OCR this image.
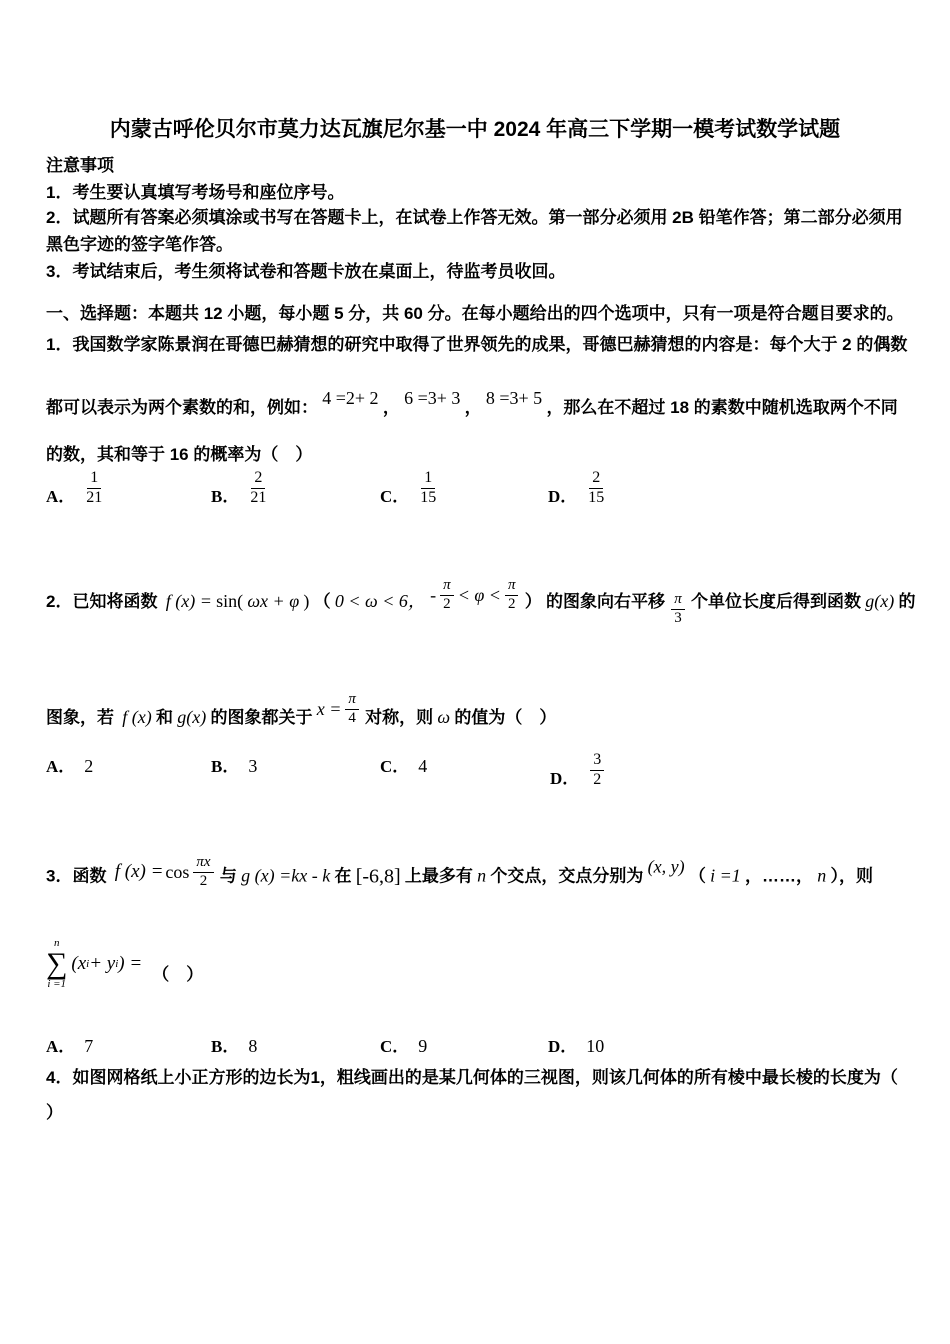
内蒙古呼伦贝尔市莫力达瓦旗尼尔基一中 2024 年高三下学期一模考试数学试题
注意事项
1．考生要认真填写考场号和座位序号。
2．试题所有答案必须填涂或书写在答题卡上，在试卷上作答无效。第一部分必须用 2B 铅笔作答；第二部分必须用黑色字迹的签字笔作答。
3．考试结束后，考生须将试卷和答题卡放在桌面上，待监考员收回。
一、选择题：本题共 12 小题，每小题 5 分，共 60 分。在每小题给出的四个选项中，只有一项是符合题目要求的。
1．我国数学家陈景润在哥德巴赫猜想的研究中取得了世界领先的成果，哥德巴赫猜想的内容是：每个大于 2 的偶数
都可以表示为两个素数的和，例如： 4 =2+ 2 ， 6 =3+ 3 ， 8 =3+ 5 ，那么在不超过 18 的素数中随机选取两个不同
的数，其和等于 16 的概率为（　）
A． $\frac{1}{21}$	B． $\frac{2}{21}$	C． $\frac{1}{15}$	D． $\frac{2}{15}$
2．已知将函数 f (x) = sin( ωx + φ ) （ 0 < ω < 6， - $\frac{\pi}{2} < \varphi < \frac{\pi}{2}$ ） 的图象向右平移 $\frac{\pi}{3}$ 个单位长度后得到函数 g(x) 的
图象，若 f (x) 和 g(x) 的图象都关于 $x = \frac{\pi}{4}$ 对称，则 ω 的值为（　）
A． 2	B． 3	C． 4
D． $\frac{3}{2}$
3．函数 f $(x) = \cos \frac{\pi x}{2}$ 与 g (x) =kx - k 在 [-6,8] 上最多有 n 个交点，交点分别为 (x, y) （ i =1 ，……， n ），则
n
∑
i =1
(x i + y i ) = （　）
A． 7	B． 8	C． 9	D． 10
4．如图网格纸上小正方形的边长为1，粗线画出的是某几何体的三视图，则该几何体的所有棱中最长棱的长度为（
）
